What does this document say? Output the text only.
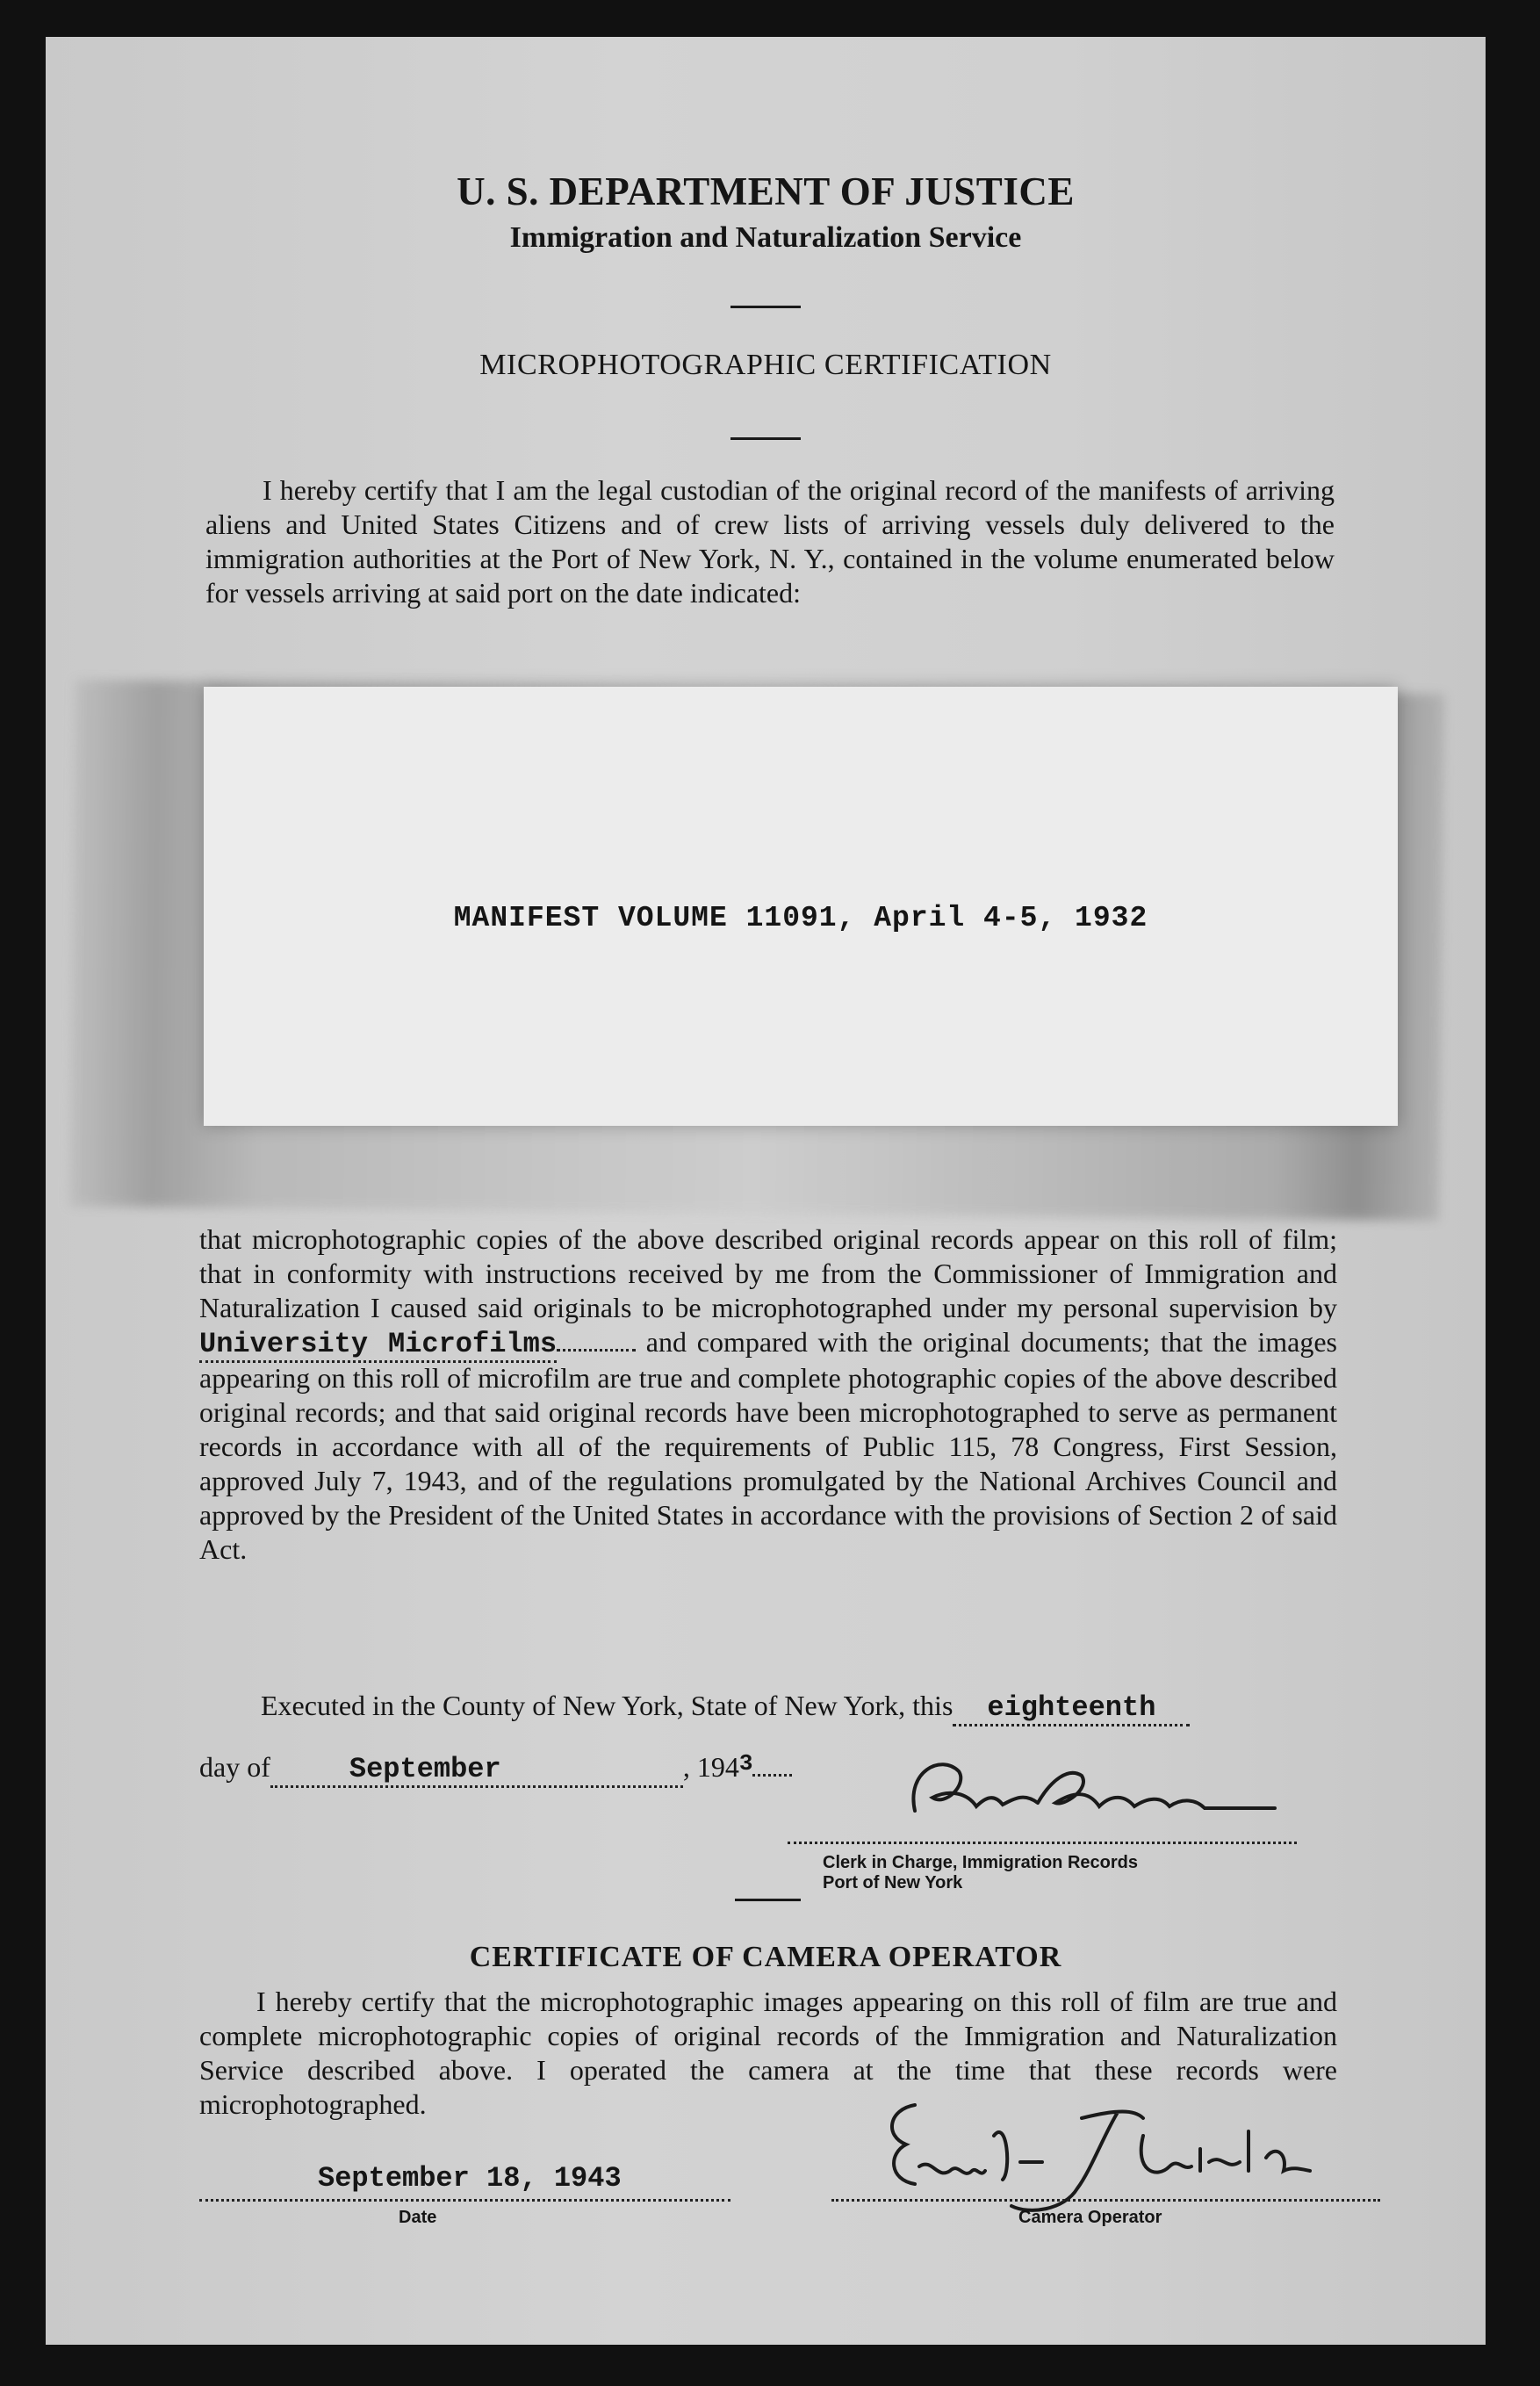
U. S. DEPARTMENT OF JUSTICE
Immigration and Naturalization Service
MICROPHOTOGRAPHIC CERTIFICATION
I hereby certify that I am the legal custodian of the original record of the manifests of arriving aliens and United States Citizens and of crew lists of arriving vessels duly delivered to the immigration authorities at the Port of New York, N. Y., contained in the volume enumerated below for vessels arriving at said port on the date indicated:
MANIFEST VOLUME 11091, April 4-5, 1932
that microphotographic copies of the above described original records appear on this roll of film; that in conformity with instructions received by me from the Commissioner of Immigration and Naturalization I caused said originals to be microphotographed under my personal supervision by University Microfilms	and compared with the original documents; that the images appearing on this roll of microfilm are true and complete photographic copies of the above described original records; and that said original records have been microphotographed to serve as permanent records in accordance with all of the requirements of Public 115, 78 Congress, First Session, approved July 7, 1943, and of the regulations promulgated by the National Archives Council and approved by the President of the United States in accordance with the provisions of Section 2 of said Act.
Executed in the County of New York, State of New York, this eighteenth
day of	September	, $194^3$
Clerk in Charge, Immigration Records
Port of New York
CERTIFICATE OF CAMERA OPERATOR
I hereby certify that the microphotographic images appearing on this roll of film are true and complete microphotographic copies of original records of the Immigration and Naturalization Service described above. I operated the camera at the time that these records were microphotographed.
September 18, 1943
Date	Camera Operator
